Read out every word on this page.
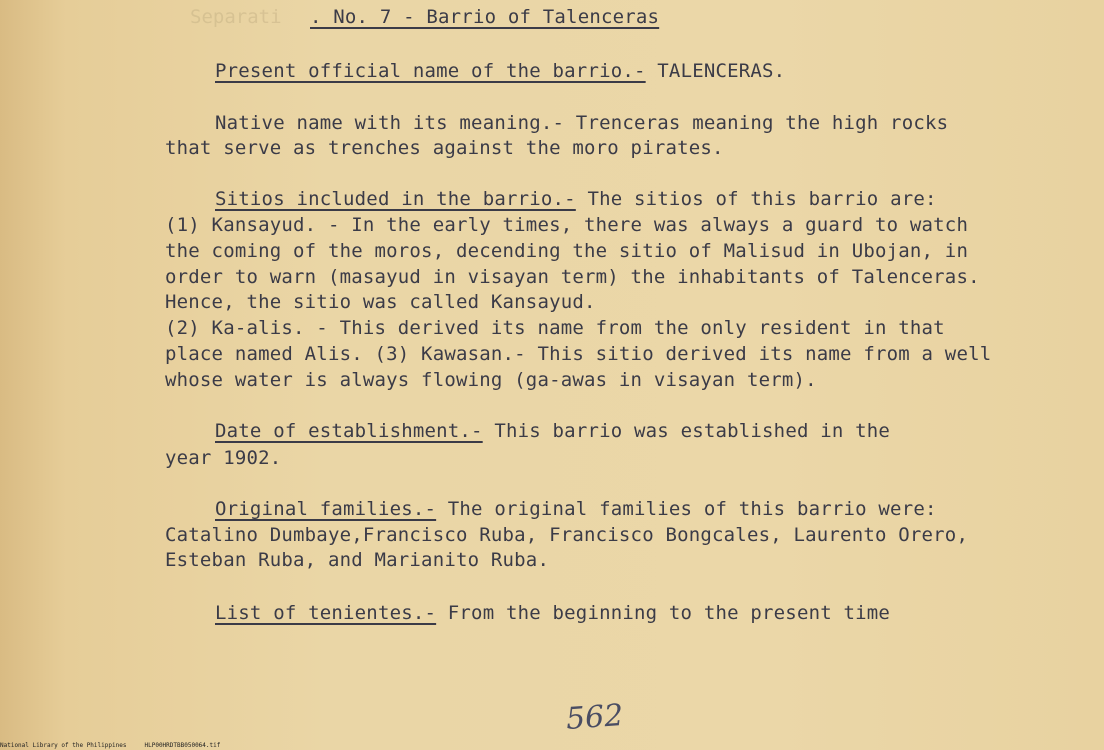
Separati . No. 7 - Barrio of Talenceras
Present official name of the barrio.- TALENCERAS.
Native name with its meaning.- Trenceras meaning the high rocks
that serve as trenches against the moro pirates.
Sitios included in the barrio.- The sitios of this barrio are:
(1) Kansayud. - In the early times, there was always a guard to watch
the coming of the moros, decending the sitio of Malisud in Ubojan, in
order to warn (masayud in visayan term) the inhabitants of Talenceras.
Hence, the sitio was called Kansayud.
(2) Ka-alis. - This derived its name from the only resident in that
place named Alis. (3) Kawasan.- This sitio derived its name from a well
whose water is always flowing (ga-awas in visayan term).
Date of establishment.- This barrio was established in the
year 1902.
Original families.- The original families of this barrio were:
Catalino Dumbaye,Francisco Ruba, Francisco Bongcales, Laurento Orero,
Esteban Ruba, and Marianito Ruba.
List of tenientes.- From the beginning to the present time
562
National Library of the Philippines     HLP00HRDTBB050064.tif
